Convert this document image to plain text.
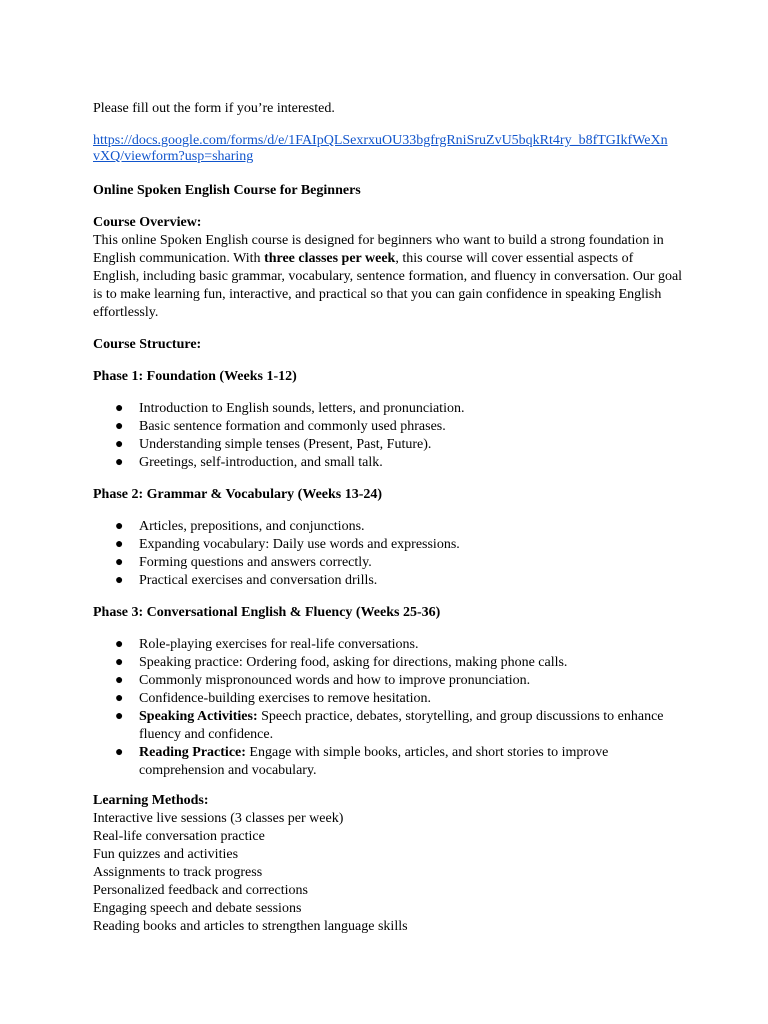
Please fill out the form if you’re interested.

https://docs.google.com/forms/d/e/1FAIpQLSexrxuOU33bgfrgRniSruZvU5bqkRt4ry_b8fTGIkfWeXn
vXQ/viewform?usp=sharing

Online Spoken English Course for Beginners

Course Overview:

This online Spoken English course is designed for beginners who want to build a strong foundation in English communication. With three classes per week, this course will cover essential aspects of English, including basic grammar, vocabulary, sentence formation, and fluency in conversation. Our goal is to make learning fun, interactive, and practical so that you can gain confidence in speaking English effortlessly.

Course Structure:

Phase 1: Foundation (Weeks 1-12)

● Introduction to English sounds, letters, and pronunciation.
● Basic sentence formation and commonly used phrases.
● Understanding simple tenses (Present, Past, Future).
● Greetings, self-introduction, and small talk.

Phase 2: Grammar & Vocabulary (Weeks 13-24)

● Articles, prepositions, and conjunctions.
● Expanding vocabulary: Daily use words and expressions.
● Forming questions and answers correctly.
● Practical exercises and conversation drills.

Phase 3: Conversational English & Fluency (Weeks 25-36)

● Role-playing exercises for real-life conversations.
● Speaking practice: Ordering food, asking for directions, making phone calls.
● Commonly mispronounced words and how to improve pronunciation.
● Confidence-building exercises to remove hesitation.
● Speaking Activities: Speech practice, debates, storytelling, and group discussions to enhance fluency and confidence.
● Reading Practice: Engage with simple books, articles, and short stories to improve comprehension and vocabulary.

Learning Methods:

Interactive live sessions (3 classes per week)

Real-life conversation practice

Fun quizzes and activities

Assignments to track progress

Personalized feedback and corrections

Engaging speech and debate sessions

Reading books and articles to strengthen language skills
